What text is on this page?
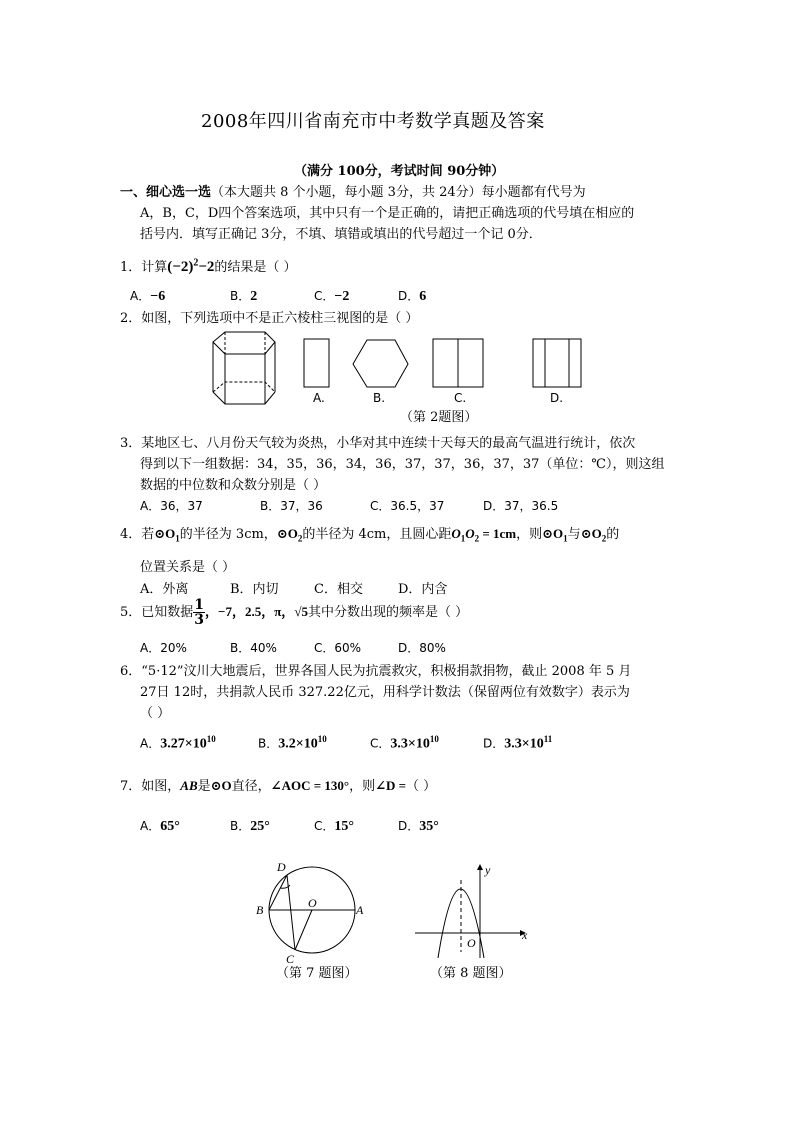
2008年四川省南充市中考数学真题及答案
（满分 100分，考试时间 90分钟）
一、细心选一选（本大题共 8 个小题，每小题 3分，共 24分）每小题都有代号为
A，B，C，D四个答案选项，其中只有一个是正确的，请把正确选项的代号填在相应的
括号内．填写正确记 3分，不填、填错或填出的代号超过一个记 0分．
1．计算$(-2)^2-2$的结果是（ ）
A．−6	B．2	C．−2	D．6
2．如图，下列选项中不是正六棱柱三视图的是（ ）
A.	B.	C.	D.
（第 2题图）
3．某地区七、八月份天气较为炎热，小华对其中连续十天每天的最高气温进行统计，依次
得到以下一组数据：34，35，36，34，36，37，37，36，37，37（单位：℃），则这组
数据的中位数和众数分别是（ ）
A．36，37	B．37，36	C．36.5，37	D．37，36.5
4．若$⊙O_1$的半径为 3cm，$⊙O_2$的半径为 4cm，且圆心距$O_1O_2 = 1cm$，则$⊙O_1$与$⊙O_2$的
位置关系是（ ）
A．外离	B．内切	C．相交	D．内含
5．已知数据 $\frac{1}{3}$ ，−7，2.5，π，√5其中分数出现的频率是（ ）
A．20%	B．40%	C．60%	D．80%
6．“5·12”汶川大地震后，世界各国人民为抗震救灾，积极捐款捐物，截止 2008 年 5 月
27日 12时，共捐款人民币 327.22亿元，用科学计数法（保留两位有效数字）表示为
（ ）
A．$3.27\times 10^{10}$	B．$3.2\times 10^{10}$	C．$3.3\times 10^{10}$	D．$3.3\times 10^{11}$
7．如图，AB是⊙O直径，∠AOC = 130°，则∠D =（ ）
A．65°	B．25°	C．15°	D．35°
D
B	O	A
C
（第 7 题图）
y
x
O
（第 8 题图）
